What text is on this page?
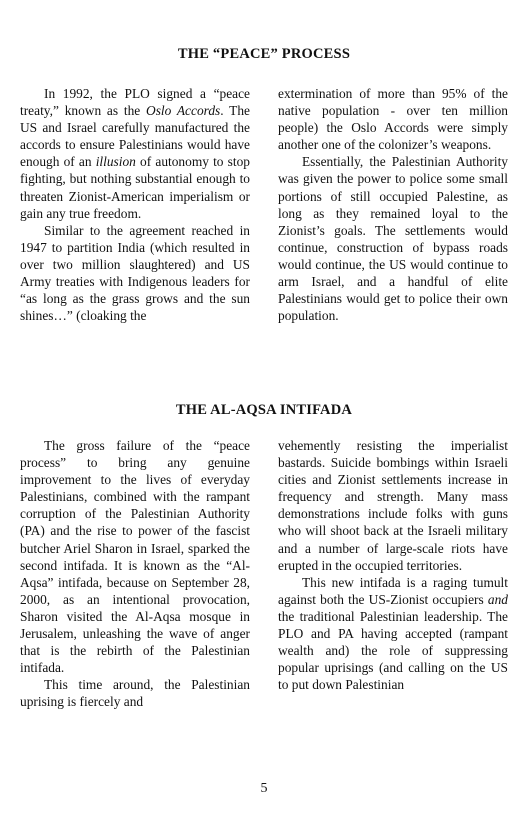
THE “PEACE” PROCESS

In 1992, the PLO signed a “peace treaty,” known as the Oslo Accords. The US and Israel carefully manufactured the accords to ensure Palestinians would have enough of an illusion of autonomy to stop fighting, but nothing substantial enough to threaten Zionist-American imperialism or gain any true freedom.

Similar to the agreement reached in 1947 to partition India (which resulted in over two million slaughtered) and US Army treaties with Indigenous leaders for “as long as the grass grows and the sun shines…” (cloaking the

extermination of more than 95% of the native population - over ten million people) the Oslo Accords were simply another one of the colonizer’s weapons.

Essentially, the Palestinian Authority was given the power to police some small portions of still occupied Palestine, as long as they remained loyal to the Zionist’s goals. The settlements would continue, construction of bypass roads would continue, the US would continue to arm Israel, and a handful of elite Palestinians would get to police their own population.

THE AL-AQSA INTIFADA

The gross failure of the “peace process” to bring any genuine improvement to the lives of everyday Palestinians, combined with the rampant corruption of the Palestinian Authority (PA) and the rise to power of the fascist butcher Ariel Sharon in Israel, sparked the second intifada. It is known as the “Al-Aqsa” intifada, because on September 28, 2000, as an intentional provocation, Sharon visited the Al-Aqsa mosque in Jerusalem, unleashing the wave of anger that is the rebirth of the Palestinian intifada.

This time around, the Palestinian uprising is fiercely and

vehemently resisting the imperialist bastards. Suicide bombings within Israeli cities and Zionist settlements increase in frequency and strength. Many mass demonstrations include folks with guns who will shoot back at the Israeli military and a number of large-scale riots have erupted in the occupied territories.

This new intifada is a raging tumult against both the US-Zionist occupiers and the traditional Palestinian leadership. The PLO and PA having accepted (rampant wealth and) the role of suppressing popular uprisings (and calling on the US to put down Palestinian

5
